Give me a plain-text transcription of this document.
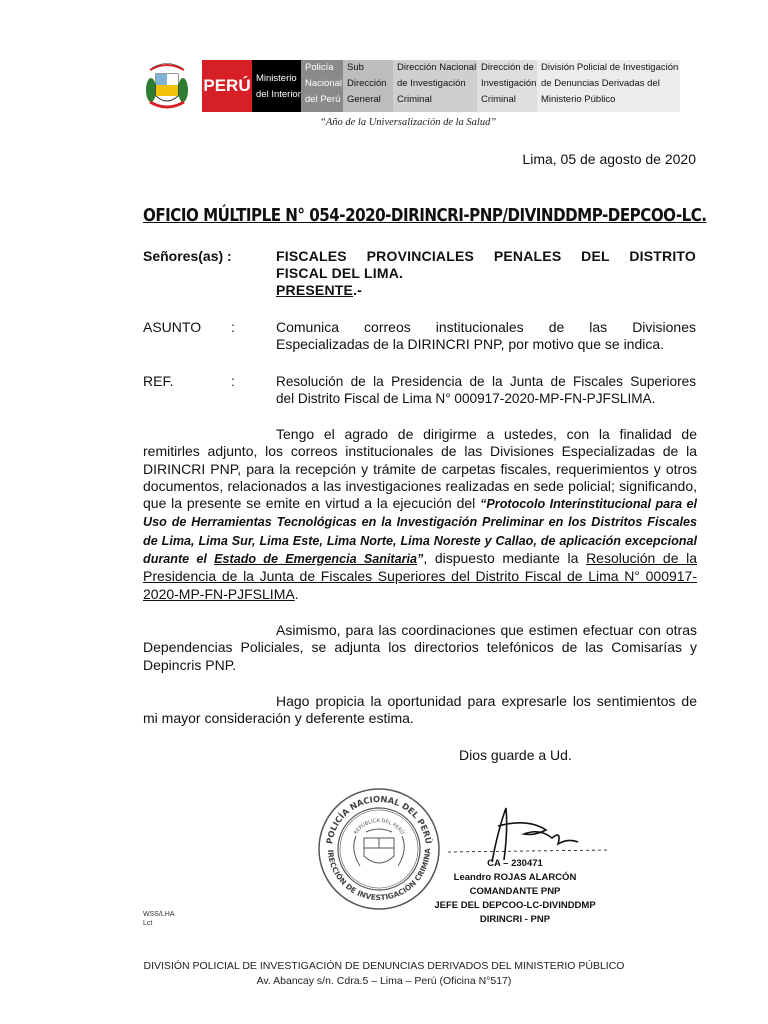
PERÚ Ministerio
del Interior
Policía
Nacional
del Perú
Sub
Dirección
General
Dirección Nacional
de Investigación
Criminal
Dirección de
Investigación
Criminal
División Policial de Investigación
de Denuncias Derivadas del
Ministerio Público
“Año de la Universalización de la Salud”
Lima, 05 de agosto de 2020
OFICIO MÚLTIPLE N° 054-2020-DIRINCRI-PNP/DIVINDDMP-DEPCOO-LC.
Señores(as) :	FISCALES PROVINCIALES PENALES DEL DISTRITO
FISCAL DEL LIMA.
PRESENTE.-
ASUNTO :	Comunica correos institucionales de las Divisiones
Especializadas de la DIRINCRI PNP, por motivo que se indica.
REF.	:	Resolución de la Presidencia de la Junta de Fiscales Superiores
del Distrito Fiscal de Lima N° 000917-2020-MP-FN-PJFSLIMA.
Tengo el agrado de dirigirme a ustedes, con la finalidad de remitirles adjunto, los correos institucionales de las Divisiones Especializadas de la DIRINCRI PNP, para la recepción y trámite de carpetas fiscales, requerimientos y otros documentos, relacionados a las investigaciones realizadas en sede policial; significando, que la presente se emite en virtud a la ejecución del “Protocolo Interinstitucional para el Uso de Herramientas Tecnológicas en la Investigación Preliminar en los Distritos Fiscales de Lima, Lima Sur, Lima Este, Lima Norte, Lima Noreste y Callao, de aplicación excepcional durante el Estado de Emergencia Sanitaria”, dispuesto mediante la Resolución de la Presidencia de la Junta de Fiscales Superiores del Distrito Fiscal de Lima N° 000917-2020-MP-FN-PJFSLIMA.
Asimismo, para las coordinaciones que estimen efectuar con otras Dependencias Policiales, se adjunta los directorios telefónicos de las Comisarías y Depincris PNP.
Hago propicia la oportunidad para expresarle los sentimientos de mi mayor consideración y deferente estima.
Dios guarde a Ud.
POLICÍA NACIONAL DEL PERÚ
IRECCIÓN DE INVESTIGACIÓN CRIMINA
REPÚBLICA DEL PERÚ
CA – 230471
Leandro ROJAS ALARCÓN
COMANDANTE PNP
JEFE DEL DEPCOO-LC-DIVINDDMP
DIRINCRI - PNP
WSS/LHA
Lct
DIVISIÓN POLICIAL DE INVESTIGACIÓN DE DENUNCIAS DERIVADOS DEL MINISTERIO PÚBLICO
Av. Abancay s/n. Cdra.5 – Lima – Perú (Oficina N°517)
